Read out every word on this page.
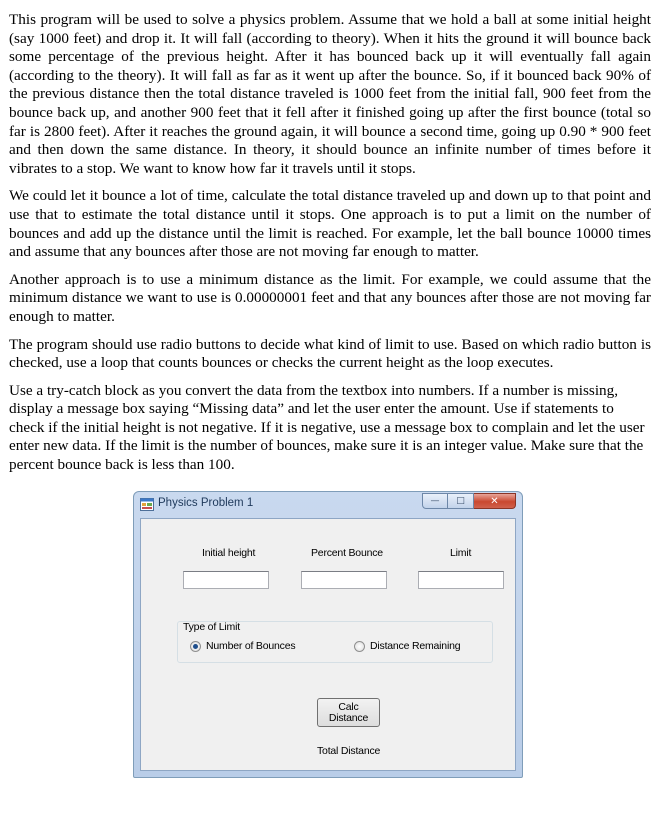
This program will be used to solve a physics problem. Assume that we hold a ball at some initial height (say 1000 feet) and drop it. It will fall (according to theory). When it hits the ground it will bounce back some percentage of the previous height. After it has bounced back up it will eventually fall again (according to the theory). It will fall as far as it went up after the bounce. So, if it bounced back 90% of the previous distance then the total distance traveled is 1000 feet from the initial fall, 900 feet from the bounce back up, and another 900 feet that it fell after it finished going up after the first bounce (total so far is 2800 feet). After it reaches the ground again, it will bounce a second time, going up 0.90 * 900 feet and then down the same distance. In theory, it should bounce an infinite number of times before it vibrates to a stop. We want to know how far it travels until it stops.

We could let it bounce a lot of time, calculate the total distance traveled up and down up to that point and use that to estimate the total distance until it stops. One approach is to put a limit on the number of bounces and add up the distance until the limit is reached. For example, let the ball bounce 10000 times and assume that any bounces after those are not moving far enough to matter.

Another approach is to use a minimum distance as the limit. For example, we could assume that the minimum distance we want to use is 0.00000001 feet and that any bounces after those are not moving far enough to matter.

The program should use radio buttons to decide what kind of limit to use. Based on which radio button is checked, use a loop that counts bounces or checks the current height as the loop executes.

Use a try-catch block as you convert the data from the textbox into numbers. If a number is missing, display a message box saying “Missing data” and let the user enter the amount. Use if statements to check if the initial height is not negative. If it is negative, use a message box to complain and let the user enter new data. If the limit is the number of bounces, make sure it is an integer value. Make sure that the percent bounce back is less than 100.

Physics Problem 1	—	□	✕
Initial height	Percent Bounce	Limit
Type of Limit
Number of Bounces	Distance Remaining
Calc
Distance
Total Distance
